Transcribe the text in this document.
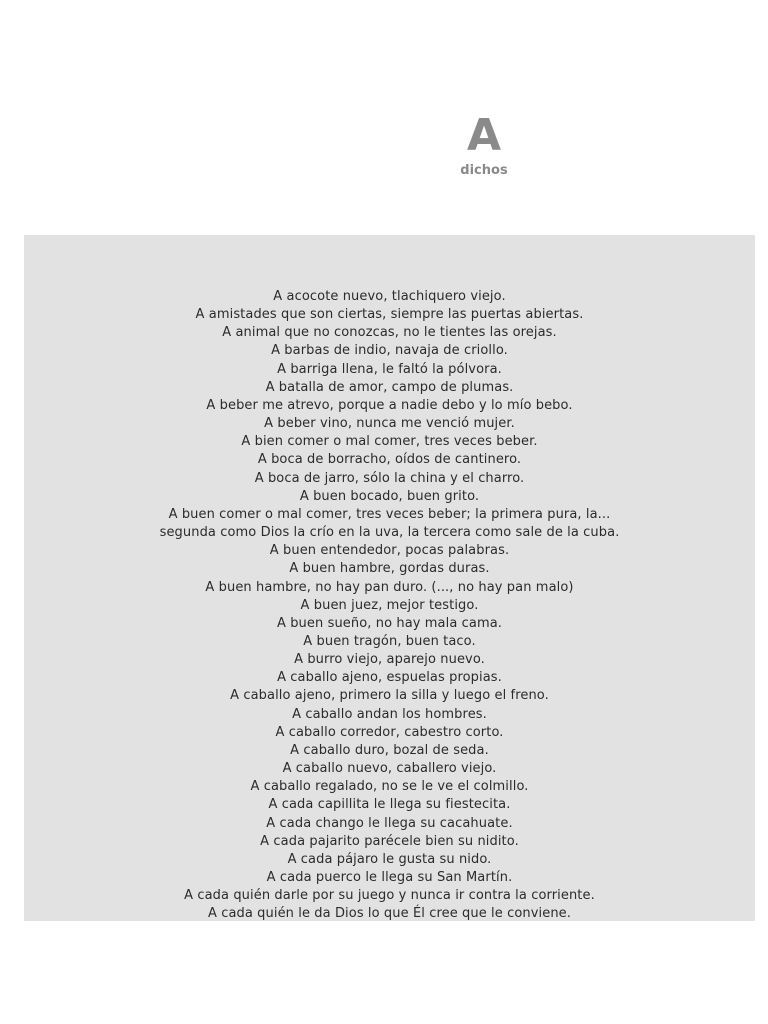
A
dichos
A acocote nuevo, tlachiquero viejo.
A amistades que son ciertas, siempre las puertas abiertas.
A animal que no conozcas, no le tientes las orejas.
A barbas de indio, navaja de criollo.
A barriga llena, le faltó la pólvora.
A batalla de amor, campo de plumas.
A beber me atrevo, porque a nadie debo y lo mío bebo.
A beber vino, nunca me venció mujer.
A bien comer o mal comer, tres veces beber.
A boca de borracho, oídos de cantinero.
A boca de jarro, sólo la china y el charro.
A buen bocado, buen grito.
A buen comer o mal comer, tres veces beber; la primera pura, la...
segunda como Dios la crío en la uva, la tercera como sale de la cuba.
A buen entendedor, pocas palabras.
A buen hambre, gordas duras.
A buen hambre, no hay pan duro. (..., no hay pan malo)
A buen juez, mejor testigo.
A buen sueño, no hay mala cama.
A buen tragón, buen taco.
A burro viejo, aparejo nuevo.
A caballo ajeno, espuelas propias.
A caballo ajeno, primero la silla y luego el freno.
A caballo andan los hombres.
A caballo corredor, cabestro corto.
A caballo duro, bozal de seda.
A caballo nuevo, caballero viejo.
A caballo regalado, no se le ve el colmillo.
A cada capillita le llega su fiestecita.
A cada chango le llega su cacahuate.
A cada pajarito parécele bien su nidito.
A cada pájaro le gusta su nido.
A cada puerco le llega su San Martín.
A cada quién darle por su juego y nunca ir contra la corriente.
A cada quién le da Dios lo que Él cree que le conviene.
